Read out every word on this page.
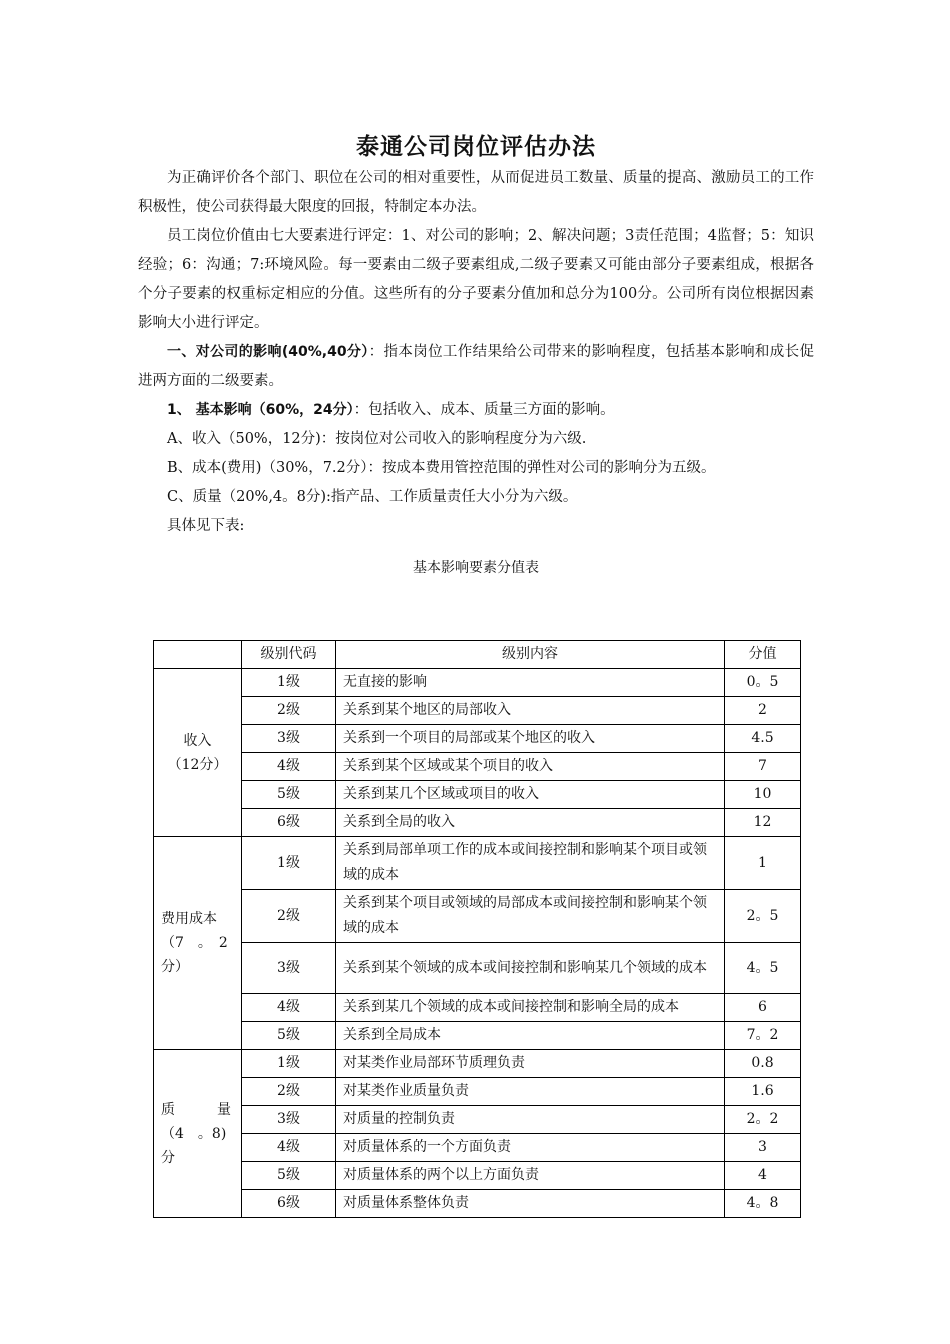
泰通公司岗位评估办法

为正确评价各个部门、职位在公司的相对重要性，从而促进员工数量、质量的提高、激励员工的工作积极性，使公司获得最大限度的回报，特制定本办法。

员工岗位价值由七大要素进行评定：1、对公司的影响；2、解决问题；3责任范围；4监督；5：知识经验；6：沟通；7:环境风险。每一要素由二级子要素组成,二级子要素又可能由部分子要素组成，根据各个分子要素的权重标定相应的分值。这些所有的分子要素分值加和总分为100分。公司所有岗位根据因素影响大小进行评定。

一、对公司的影响(40%,40分）：指本岗位工作结果给公司带来的影响程度，包括基本影响和成长促进两方面的二级要素。

1、 基本影响（60%，24分）：包括收入、成本、质量三方面的影响。

A、收入（50%，12分)：按岗位对公司收入的影响程度分为六级.

B、成本(费用)（30%，7.2分）：按成本费用管控范围的弹性对公司的影响分为五级。

C、质量（20%,4。8分):指产品、工作质量责任大小分为六级。

具体见下表:

基本影响要素分值表
	级别代码	级别内容	分值

收入
（12分）	1级	无直接的影响	0。5
	2级	关系到某个地区的局部收入	2
	3级	关系到一个项目的局部或某个地区的收入	4.5
	4级	关系到某个区域或某个项目的收入	7
	5级	关系到某几个区域或项目的收入	10
	6级	关系到全局的收入	12

费用成本
（7　。　2
分）	1级	关系到局部单项工作的成本或间接控制和影响某个项目或领域的成本	1
	2级	关系到某个项目或领域的局部成本或间接控制和影响某个领域的成本	2。5
	3级	关系到某个领域的成本或间接控制和影响某几个领域的成本	4。5
	4级	关系到某几个领域的成本或间接控制和影响全局的成本	6
	5级	关系到全局成本	7。2

质　　　量
（4　。8)
分	1级	对某类作业局部环节质理负责	0.8
	2级	对某类作业质量负责	1.6
	3级	对质量的控制负责	2。2
	4级	对质量体系的一个方面负责	3
	5级	对质量体系的两个以上方面负责	4
	6级	对质量体系整体负责	4。8
